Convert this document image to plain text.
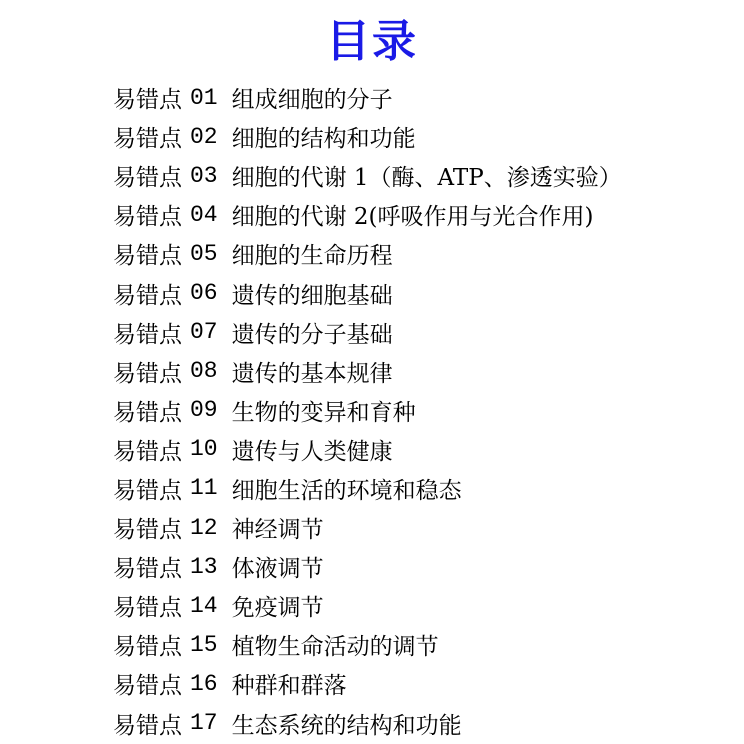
目录
易错点 01 组成细胞的分子
易错点 02 细胞的结构和功能
易错点 03 细胞的代谢 1（酶、ATP、渗透实验）
易错点 04 细胞的代谢 2(呼吸作用与光合作用)
易错点 05 细胞的生命历程
易错点 06 遗传的细胞基础
易错点 07 遗传的分子基础
易错点 08 遗传的基本规律
易错点 09 生物的变异和育种
易错点 10 遗传与人类健康
易错点 11 细胞生活的环境和稳态
易错点 12 神经调节
易错点 13 体液调节
易错点 14 免疫调节
易错点 15 植物生命活动的调节
易错点 16 种群和群落
易错点 17 生态系统的结构和功能
